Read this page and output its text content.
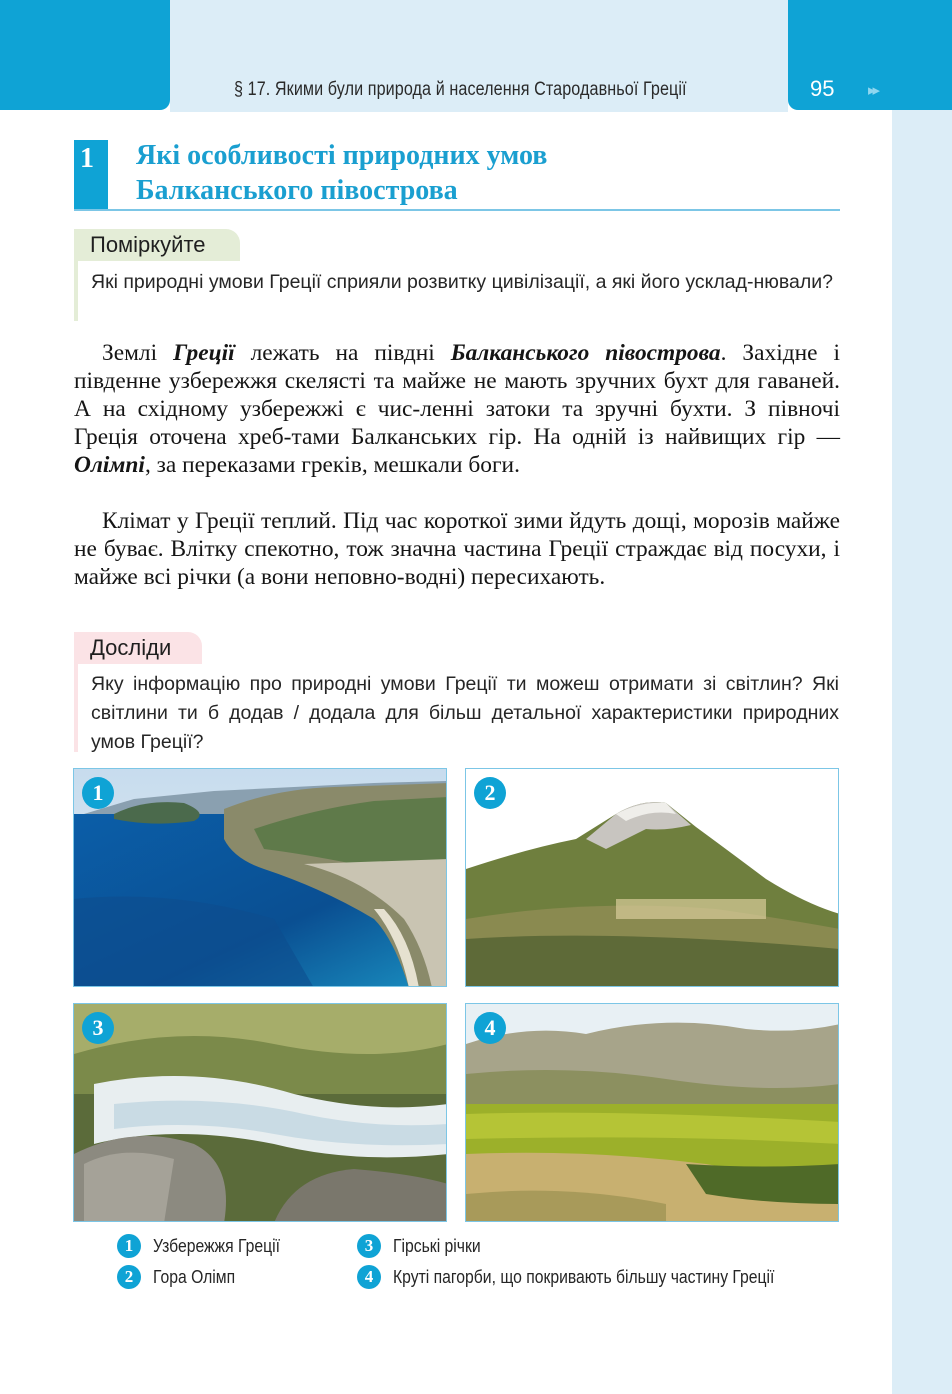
§ 17. Якими були природа й населення Стародавньої Греції	95 ▸▸
1 Які особливості природних умов
Балканського півострова
Поміркуйте
Які природні умови Греції сприяли розвитку цивілізації, а які його усклад-нювали?
Землі Греції лежать на півдні Балканського півострова. Західне і південне узбережжя скелясті та майже не мають зручних бухт для гаваней. А на східному узбережжі є чис-ленні затоки та зручні бухти. З півночі Греція оточена хреб-тами Балканських гір. На одній із найвищих гір — Олімпі, за переказами греків, мешкали боги.
Клімат у Греції теплий. Під час короткої зими йдуть дощі, морозів майже не буває. Влітку спекотно, тож значна частина Греції страждає від посухи, і майже всі річки (а вони неповно-водні) пересихають.
Досліди
Яку інформацію про природні умови Греції ти можеш отримати зі світлин? Які світлини ти б додав / додала для більш детальної характеристики природних умов Греції?
1	2
3	4
1	Узбережжя Греції
2	Гора Олімп
3	Гірські річки
4	Круті пагорби, що покривають більшу частину Греції
